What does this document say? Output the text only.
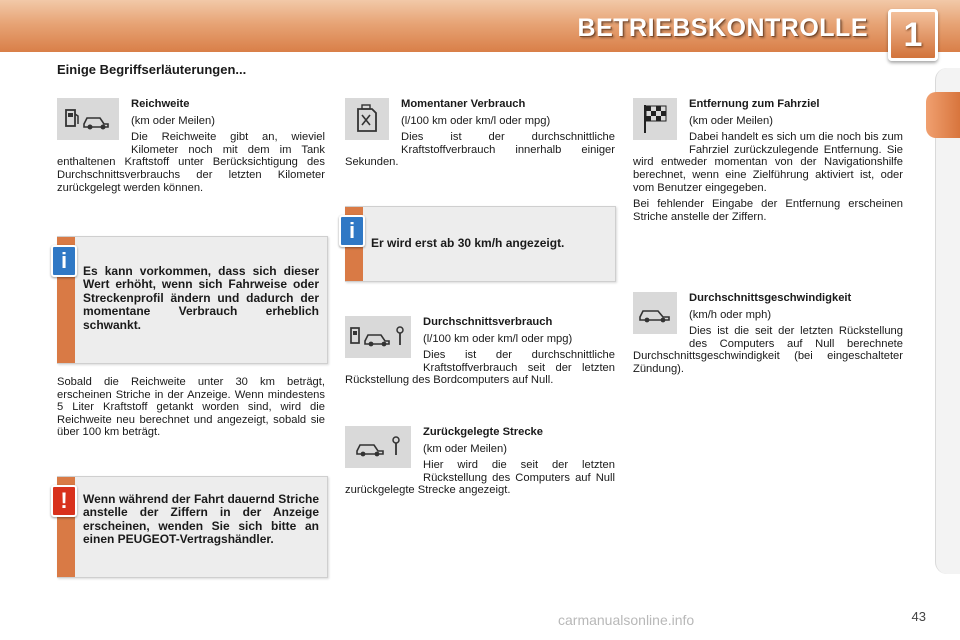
BETRIEBSKONTROLLE	1
Einige Begriffserläuterungen...
Reichweite

(km oder Meilen)

Die Reichweite gibt an, wieviel Kilometer noch mit dem im Tank enthaltenen Kraftstoff unter Berücksichtigung des Durchschnittsverbrauchs der letzten Kilometer zurückgelegt werden können.

i	Es kann vorkommen, dass sich dieser Wert erhöht, wenn sich Fahrweise oder Streckenprofil ändern und dadurch der momentane Verbrauch erheblich schwankt.

Sobald die Reichweite unter 30 km beträgt, erscheinen Striche in der Anzeige. Wenn mindestens 5 Liter Kraftstoff getankt worden sind, wird die Reichweite neu berechnet und angezeigt, sobald sie über 100 km beträgt.

!	Wenn während der Fahrt dauernd Striche anstelle der Ziffern in der Anzeige erscheinen, wenden Sie sich bitte an einen PEUGEOT-Vertragshändler.
Momentaner Verbrauch

(l/100 km oder km/l oder mpg)

Dies ist der durchschnittliche Kraftstoffverbrauch innerhalb einiger Sekunden.

i	Er wird erst ab 30 km/h angezeigt.
Durchschnittsverbrauch

(l/100 km oder km/l oder mpg)

Dies ist der durchschnittliche Kraftstoffverbrauch seit der letzten Rückstellung des Bordcomputers auf Null.

Zurückgelegte Strecke

(km oder Meilen)

Hier wird die seit der letzten Rückstellung des Computers auf Null zurückgelegte Strecke angezeigt.

Entfernung zum Fahrziel

(km oder Meilen)

Dabei handelt es sich um die noch bis zum Fahrziel zurückzulegende Entfernung. Sie wird entweder momentan von der Navigationshilfe berechnet, wenn eine Zielführung aktiviert ist, oder vom Benutzer eingegeben.

Bei fehlender Eingabe der Entfernung erscheinen Striche anstelle der Ziffern.

Durchschnittsgeschwindigkeit

(km/h oder mph)

Dies ist die seit der letzten Rückstellung des Computers auf Null berechnete Durchschnittsgeschwindigkeit (bei eingeschalteter Zündung).

43
carmanualsonline.info
